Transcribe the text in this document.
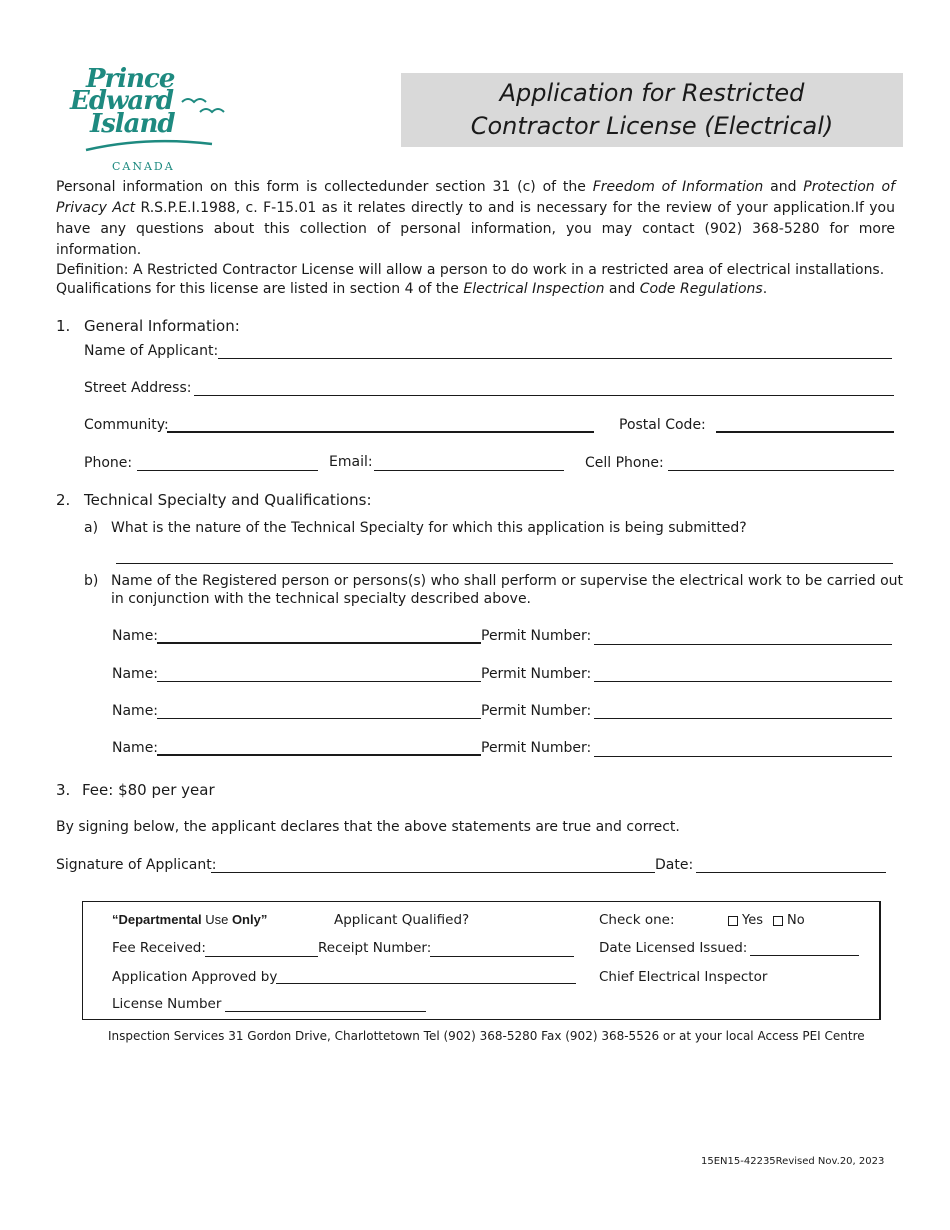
Prince
Edward
Island
CANADA
Application for Restricted
Contractor License (Electrical)
Personal information on this form is collectedunder section 31 (c) of the Freedom of Information and Protection of Privacy Act R.S.P.E.I.1988, c. F-15.01 as it relates directly to and is necessary for the review of your application.If you have any questions about this collection of personal information, you may contact (902) 368-5280 for more information.
Definition: A Restricted Contractor License will allow a person to do work in a restricted area of electrical installations. Qualifications for this license are listed in section 4 of the Electrical Inspection and Code Regulations.
1. General Information:
Name of Applicant:
Street Address:
Community:	Postal Code:
Phone:	Email:	Cell Phone:
2. Technical Specialty and Qualifications:
a) What is the nature of the Technical Specialty for which this application is being submitted?
b) Name of the Registered person or persons(s) who shall perform or supervise the electrical work to be carried out
in conjunction with the technical specialty described above.
Name:	Permit Number:
Name:	Permit Number:
Name:	Permit Number:
Name:	Permit Number:
3. Fee: $80 per year
By signing below, the applicant declares that the above statements are true and correct.
Signature of Applicant:	Date:
“Departmental Use Only”	Applicant Qualified?	Check one:	Yes	No
Fee Received:	Receipt Number:	Date Licensed Issued:
Application Approved by	Chief Electrical Inspector
License Number
Inspection Services 31 Gordon Drive, Charlottetown Tel (902) 368-5280 Fax (902) 368-5526 or at your local Access PEI Centre
15EN15-42235Revised Nov.20, 2023
